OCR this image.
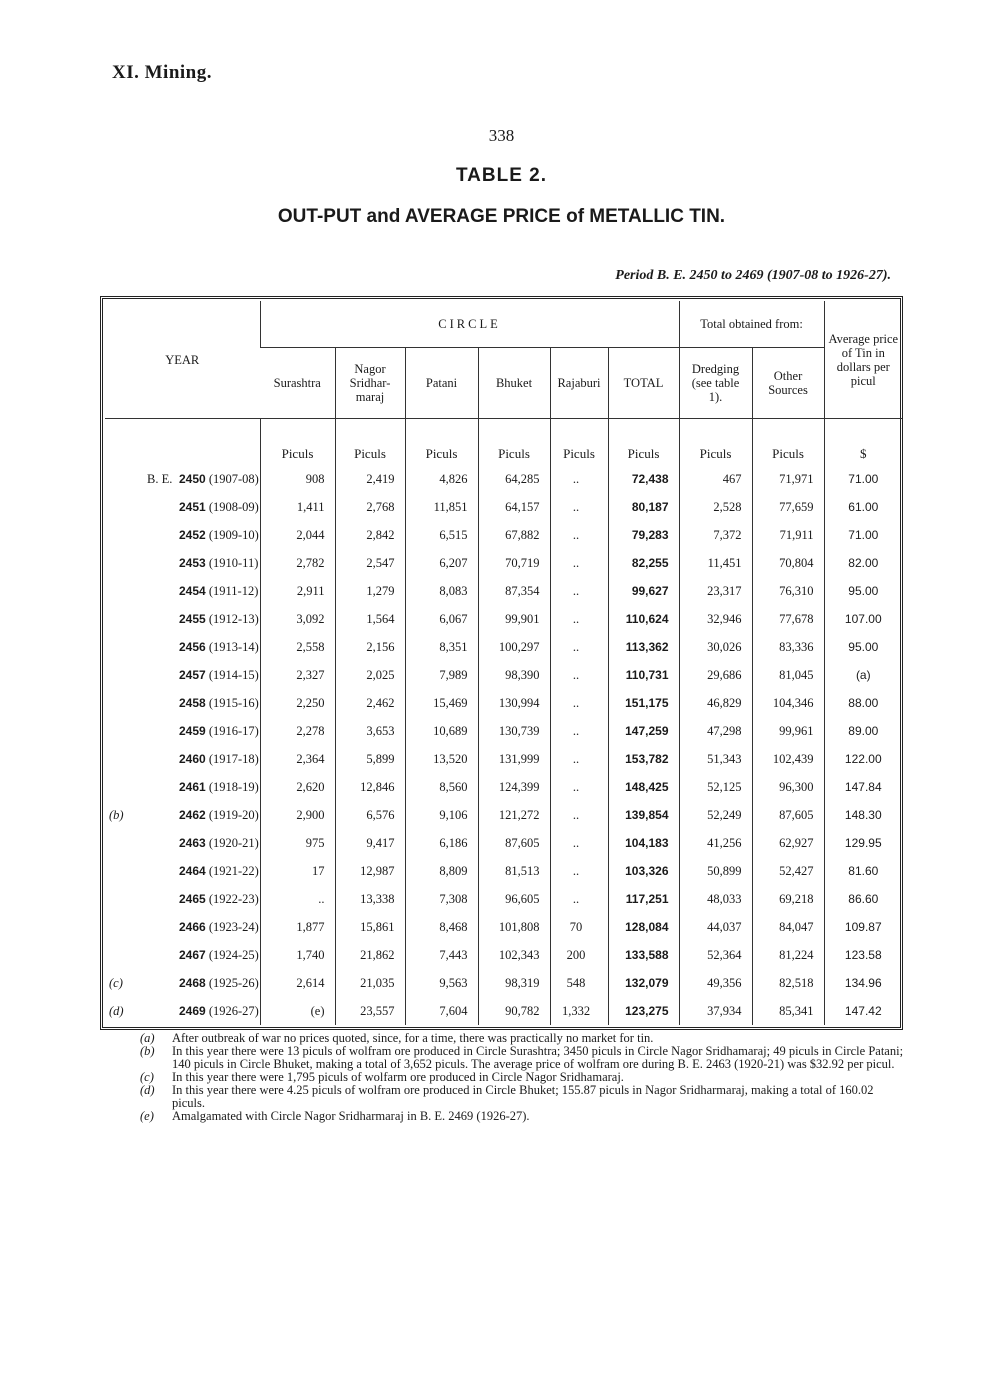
XI. Mining.
338
TABLE 2.
OUT-PUT and AVERAGE PRICE of METALLIC TIN.
Period B. E. 2450 to 2469 (1907-08 to 1926-27).
YEAR	CIRCLE						Total obtained from:		Average price of Tin in dollars per picul
	Surashtra	Nagor Sridhar-maraj	Patani	Bhuket	Rajaburi	TOTAL	Dredging (see table 1).	Other Sources	
	Piculs	Piculs	Piculs	Piculs	Piculs	Piculs	Piculs	Piculs	$
B. E. 2450 (1907-08)	908	2,419	4,826	64,285	..	72,438	467	71,971	71.00
2451 (1908-09)	1,411	2,768	11,851	64,157	..	80,187	2,528	77,659	61.00
2452 (1909-10)	2,044	2,842	6,515	67,882	..	79,283	7,372	71,911	71.00
2453 (1910-11)	2,782	2,547	6,207	70,719	..	82,255	11,451	70,804	82.00
2454 (1911-12)	2,911	1,279	8,083	87,354	..	99,627	23,317	76,310	95.00
2455 (1912-13)	3,092	1,564	6,067	99,901	..	110,624	32,946	77,678	107.00
2456 (1913-14)	2,558	2,156	8,351	100,297	..	113,362	30,026	83,336	95.00
2457 (1914-15)	2,327	2,025	7,989	98,390	..	110,731	29,686	81,045	(a)
2458 (1915-16)	2,250	2,462	15,469	130,994	..	151,175	46,829	104,346	88.00
2459 (1916-17)	2,278	3,653	10,689	130,739	..	147,259	47,298	99,961	89.00
2460 (1917-18)	2,364	5,899	13,520	131,999	..	153,782	51,343	102,439	122.00
2461 (1918-19)	2,620	12,846	8,560	124,399	..	148,425	52,125	96,300	147.84
(b) 2462 (1919-20)	2,900	6,576	9,106	121,272	..	139,854	52,249	87,605	148.30
2463 (1920-21)	975	9,417	6,186	87,605	..	104,183	41,256	62,927	129.95
2464 (1921-22)	17	12,987	8,809	81,513	..	103,326	50,899	52,427	81.60
2465 (1922-23)	..	13,338	7,308	96,605	..	117,251	48,033	69,218	86.60
2466 (1923-24)	1,877	15,861	8,468	101,808	70	128,084	44,037	84,047	109.87
2467 (1924-25)	1,740	21,862	7,443	102,343	200	133,588	52,364	81,224	123.58
(c) 2468 (1925-26)	2,614	21,035	9,563	98,319	548	132,079	49,356	82,518	134.96
(d) 2469 (1926-27)	(e)	23,557	7,604	90,782	1,332	123,275	37,934	85,341	147.42
(a)	After outbreak of war no prices quoted, since, for a time, there was practically no market for tin.
(b)	In this year there were 13 piculs of wolfram ore produced in Circle Surashtra; 3450 piculs in Circle Nagor Sridhamaraj; 49 piculs in Circle Patani; 140 piculs in Circle Bhuket, making a total of 3,652 piculs. The average price of wolfram ore during B. E. 2463 (1920-21) was $32.92 per picul.
(c)	In this year there were 1,795 piculs of wolfarm ore produced in Circle Nagor Sridhamaraj.
(d)	In this year there were 4.25 piculs of wolfram ore produced in Circle Bhuket; 155.87 piculs in Nagor Sridharmaraj, making a total of 160.02 piculs.
(e)	Amalgamated with Circle Nagor Sridharmaraj in B. E. 2469 (1926-27).
